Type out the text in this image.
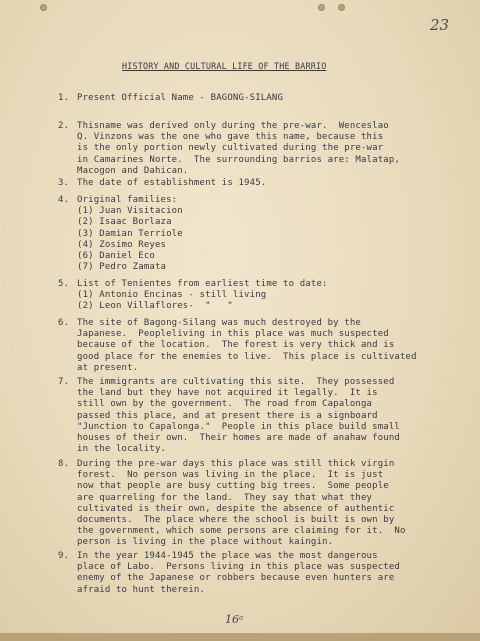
23
HISTORY AND CULTURAL LIFE OF THE BARRIO
1. Present Official Name - BAGONG-SILANG
2. Thisname was derived only during the pre-war.  Wenceslao
Q. Vinzons was the one who gave this name, because this
is the only portion newly cultivated during the pre-war
in Camarines Norte.  The surrounding barrios are: Malatap,
Macogon and Dahican.
3. The date of establishment is 1945.
4. Original families:
(1) Juan Visitacion
(2) Isaac Borlaza
(3) Damian Terriole
(4) Zosimo Reyes
(6) Daniel Eco
(7) Pedro Zamata
5. List of Tenientes from earliest time to date:
(1) Antonio Encinas - still living
(2) Leon Villaflores-  "   "
6. The site of Bagong-Silang was much destroyed by the
Japanese.  Peopleliving in this place was much suspected
because of the location.  The forest is very thick and is
good place for the enemies to live.  This place is cultivated
at present.
7. The immigrants are cultivating this site.  They possessed
the land but they have not acquired it legally.  It is
still own by the government.  The road from Capalonga
passed this place, and at present there is a signboard
"Junction to Capalonga."  People in this place build small
houses of their own.  Their homes are made of anahaw found
in the locality.
8. During the pre-war days this place was still thick virgin
forest.  No person was living in the place.  It is just
now that people are busy cutting big trees.  Some people
are quarreling for the land.  They say that what they
cultivated is their own, despite the absence of authentic
documents.  The place where the school is built is own by
the government, which some persons are claiming for it.  No
person is living in the place without kaingin.
9. In the year 1944-1945 the place was the most dangerous
place of Labo.  Persons living in this place was suspected
enemy of the Japanese or robbers because even hunters are
afraid to hunt therein.
16ᵃ
